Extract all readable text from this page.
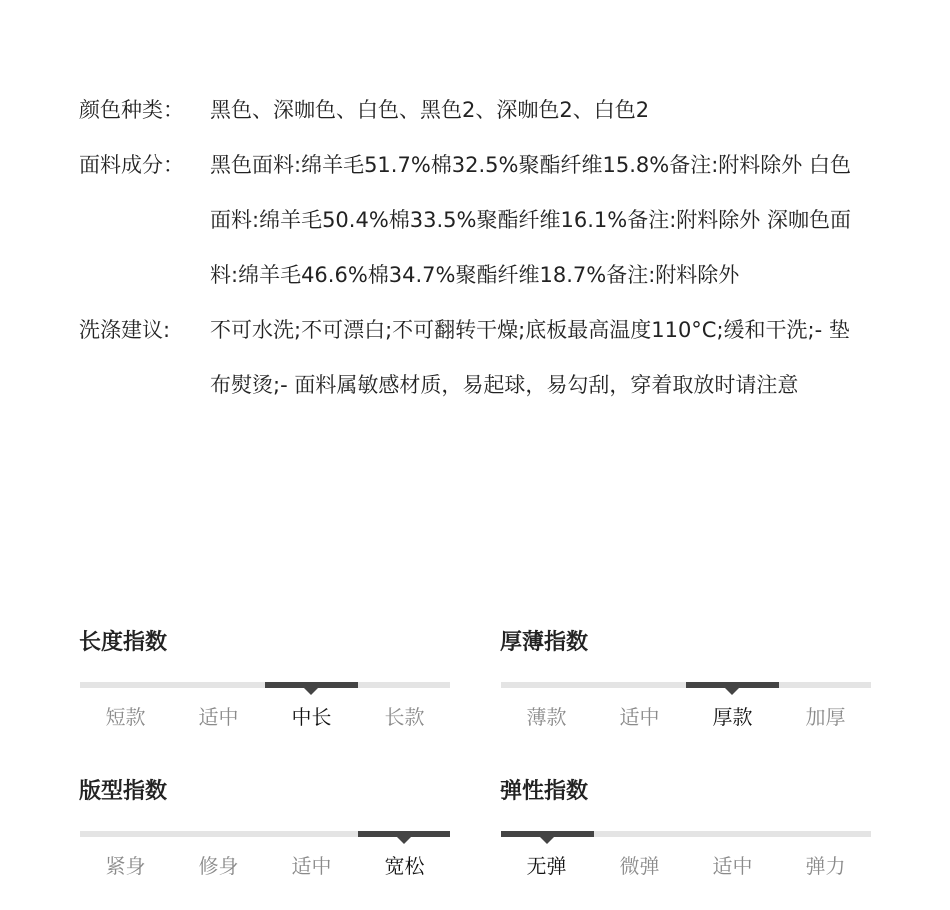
颜色种类：	黑色、深咖色、白色、黑色2、深咖色2、白色2
面料成分：	黑色面料:绵羊毛51.7%棉32.5%聚酯纤维15.8%备注:附料除外 白色面料:绵羊毛50.4%棉33.5%聚酯纤维16.1%备注:附料除外 深咖色面料:绵羊毛46.6%棉34.7%聚酯纤维18.7%备注:附料除外
洗涤建议:	不可水洗;不可漂白;不可翻转干燥;底板最高温度110°C;缓和干洗;- 垫布熨烫;- 面料属敏感材质，易起球，易勾刮，穿着取放时请注意
长度指数
短款	适中	中长	长款
厚薄指数
薄款	适中	厚款	加厚
版型指数
紧身	修身	适中	宽松
弹性指数
无弹	微弹	适中	弹力
